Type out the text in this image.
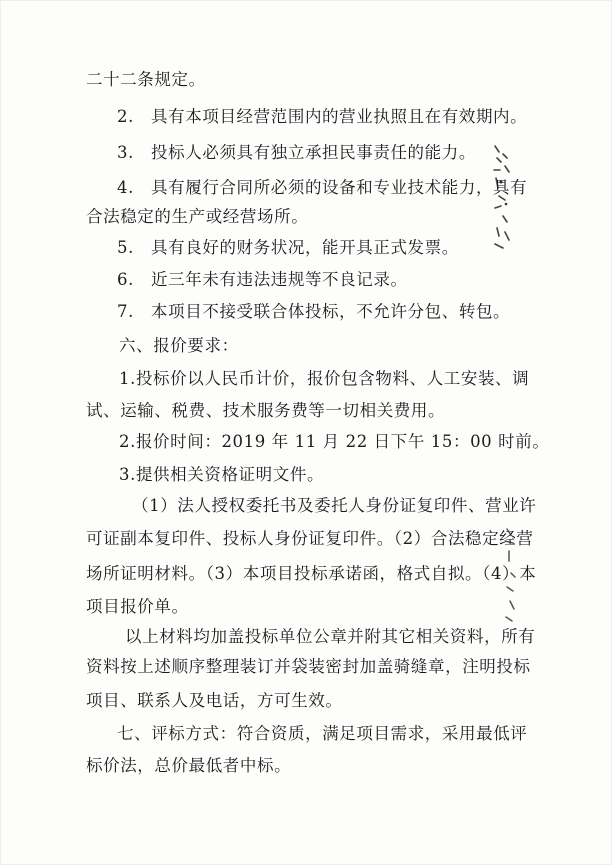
二十二条规定。
2.　具有本项目经营范围内的营业执照且在有效期内。
3.　投标人必须具有独立承担民事责任的能力。
4.　具有履行合同所必须的设备和专业技术能力，具有
合法稳定的生产或经营场所。
5.　具有良好的财务状况，能开具正式发票。
6.　近三年未有违法违规等不良记录。
7.　本项目不接受联合体投标，不允许分包、转包。
六、报价要求：
1.投标价以人民币计价，报价包含物料、人工安装、调
试、运输、税费、技术服务费等一切相关费用。
2.报价时间：2019 年 11 月 22 日下午 15：00 时前。
3.提供相关资格证明文件。
（1）法人授权委托书及委托人身份证复印件、营业许
可证副本复印件、投标人身份证复印件。（2）合法稳定经营
场所证明材料。（3）本项目投标承诺函，格式自拟。（4）本
项目报价单。
以上材料均加盖投标单位公章并附其它相关资料，所有
资料按上述顺序整理装订并袋装密封加盖骑缝章，注明投标
项目、联系人及电话，方可生效。
七、评标方式：符合资质，满足项目需求，采用最低评
标价法，总价最低者中标。
